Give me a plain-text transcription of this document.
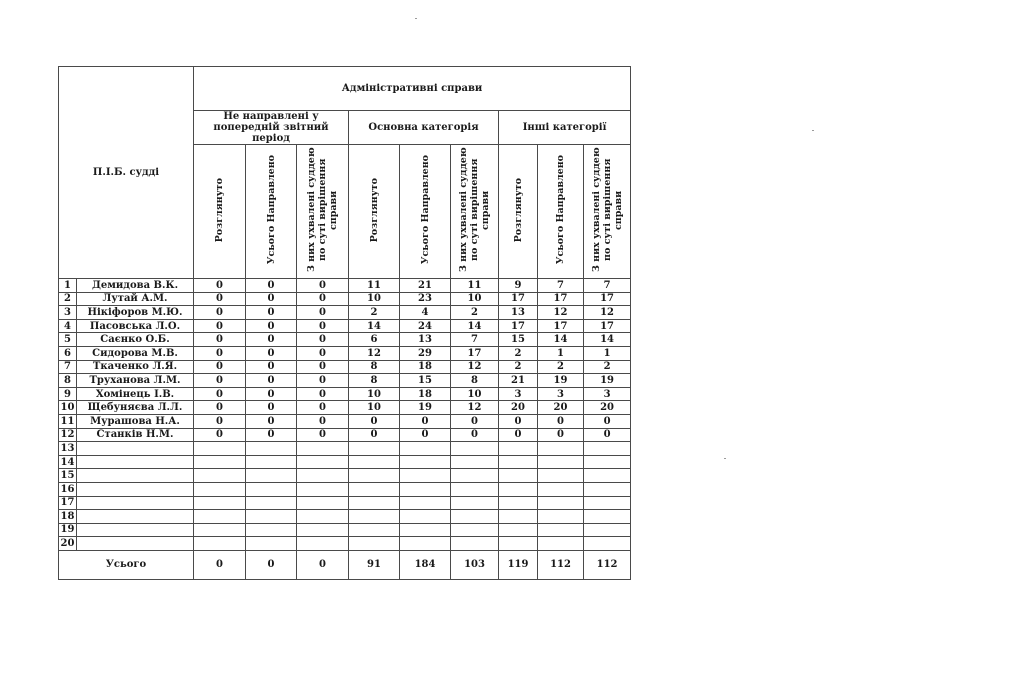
П.І.Б. судді		Адміністративні справи								
		Не направлені у попередній звітний період			Основна категорія			Інші категорії		
		Розглянуто	Усього Направлено	З них ухвалені суддею по суті вирішення справи	Розглянуто	Усього Направлено	З них ухвалені суддею по суті вирішення справи	Розглянуто	Усього Направлено	З них ухвалені суддею по суті вирішення справи
1	Демидова В.К.	0	0	0	11	21	11	9	7	7
2	Лутай А.М.	0	0	0	10	23	10	17	17	17
3	Нікіфоров М.Ю.	0	0	0	2	4	2	13	12	12
4	Пасовська Л.О.	0	0	0	14	24	14	17	17	17
5	Саєнко О.Б.	0	0	0	6	13	7	15	14	14
6	Сидорова М.В.	0	0	0	12	29	17	2	1	1
7	Ткаченко Л.Я.	0	0	0	8	18	12	2	2	2
8	Труханова Л.М.	0	0	0	8	15	8	21	19	19
9	Хомінець І.В.	0	0	0	10	18	10	3	3	3
10	Щебуняєва Л.Л.	0	0	0	10	19	12	20	20	20
11	Мурашова Н.А.	0	0	0	0	0	0	0	0	0
12	Станків Н.М.	0	0	0	0	0	0	0	0	0
13										
14										
15										
16										
17										
18										
19										
20										
Усього		0	0	0	91	184	103	119	112	112
